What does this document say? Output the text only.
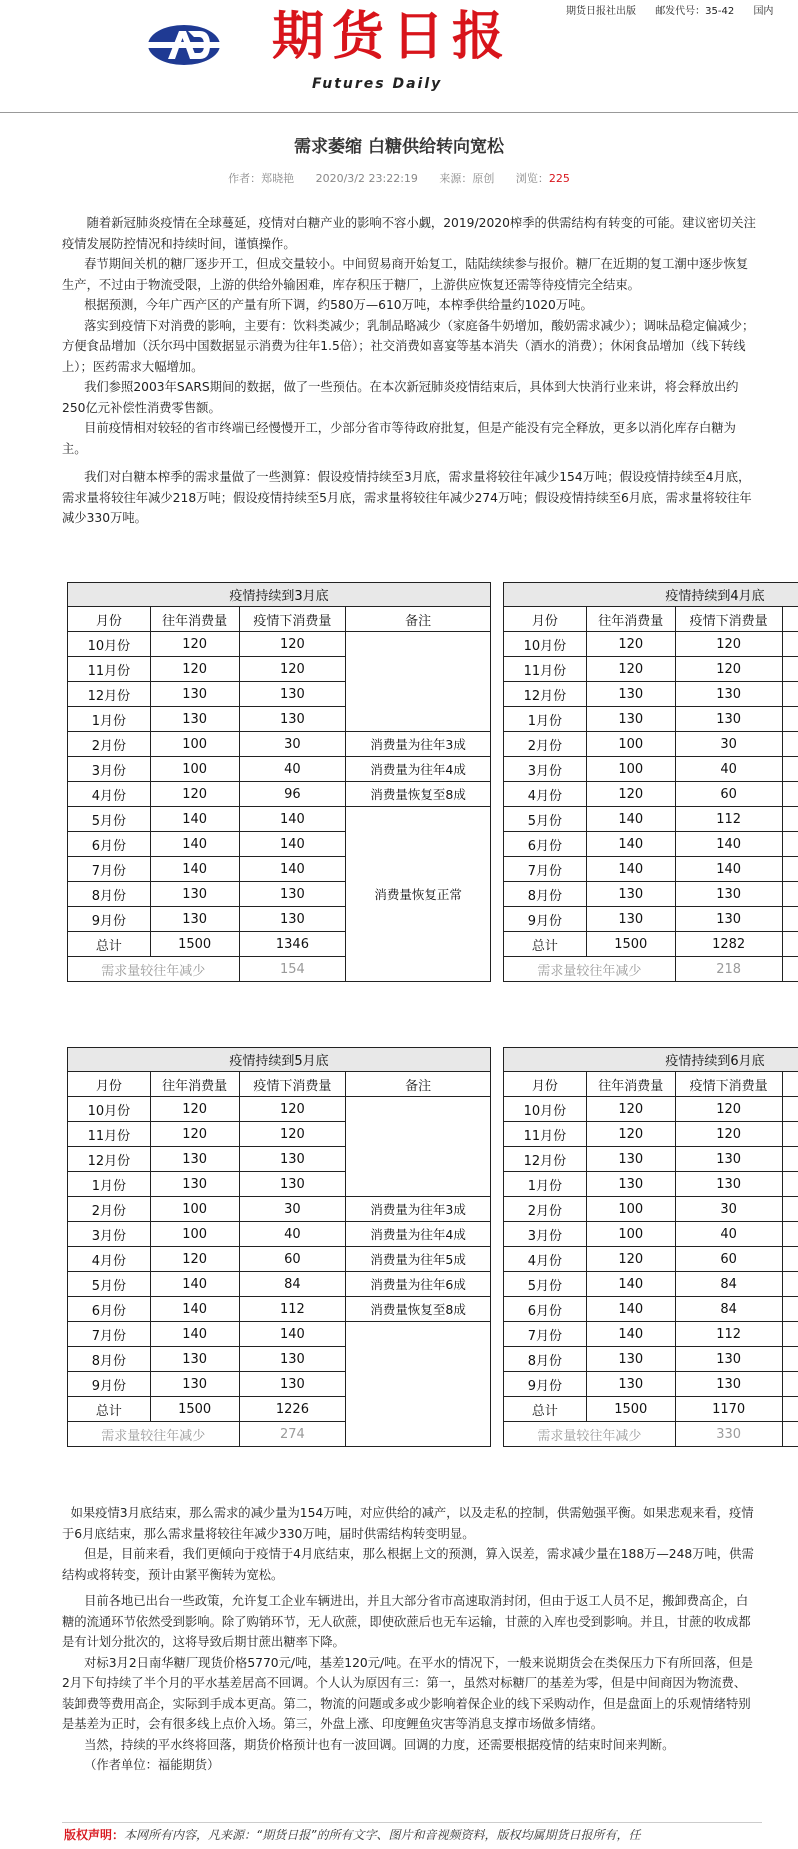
期货日报
Futures Daily
期货日报社出版 邮发代号：35-42 国内
需求萎缩 白糖供给转向宽松
作者：郑晓艳 2020/3/2 23:22:19 来源：原创 浏览：225

随着新冠肺炎疫情在全球蔓延，疫情对白糖产业的影响不容小觑，2019/2020榨季的供需结构有转变的可能。建议密切关注疫情发展防控情况和持续时间，谨慎操作。

春节期间关机的糖厂逐步开工，但成交量较小。中间贸易商开始复工，陆陆续续参与报价。糖厂在近期的复工潮中逐步恢复生产，不过由于物流受限，上游的供给外输困难，库存积压于糖厂，上游供应恢复还需等待疫情完全结束。

根据预测，今年广西产区的产量有所下调，约580万—610万吨，本榨季供给量约1020万吨。

落实到疫情下对消费的影响，主要有：饮料类减少；乳制品略减少（家庭备牛奶增加，酸奶需求减少）；调味品稳定偏减少；方便食品增加（沃尔玛中国数据显示消费为往年1.5倍）；社交消费如喜宴等基本消失（酒水的消费）；休闲食品增加（线下转线上）；医药需求大幅增加。

我们参照2003年SARS期间的数据，做了一些预估。在本次新冠肺炎疫情结束后，具体到大快消行业来讲，将会释放出约250亿元补偿性消费零售额。

目前疫情相对较轻的省市终端已经慢慢开工，少部分省市等待政府批复，但是产能没有完全释放，更多以消化库存白糖为主。

我们对白糖本榨季的需求量做了一些测算：假设疫情持续至3月底，需求量将较往年减少154万吨；假设疫情持续至4月底，需求量将较往年减少218万吨；假设疫情持续至5月底，需求量将较往年减少274万吨；假设疫情持续至6月底，需求量将较往年减少330万吨。

疫情持续到3月底			
月份	往年消费量	疫情下消费量	备注
10月份	120	120	
11月份	120	120	
12月份	130	130	
1月份	130	130	
2月份	100	30	消费量为往年3成
3月份	100	40	消费量为往年4成
4月份	120	96	消费量恢复至8成
5月份	140	140	消费量恢复正常
6月份	140	140	
7月份	140	140	
8月份	130	130	
9月份	130	130	
总计	1500	1346	
需求量较往年减少		154	
疫情持续到4月底			
月份	往年消费量	疫情下消费量	
10月份	120	120	
11月份	120	120	
12月份	130	130	
1月份	130	130	
2月份	100	30	
3月份	100	40	
4月份	120	60	
5月份	140	112	
6月份	140	140	
7月份	140	140	
8月份	130	130	
9月份	130	130	
总计	1500	1282	
需求量较往年减少		218	
疫情持续到5月底			
月份	往年消费量	疫情下消费量	备注
10月份	120	120	
11月份	120	120	
12月份	130	130	
1月份	130	130	
2月份	100	30	消费量为往年3成
3月份	100	40	消费量为往年4成
4月份	120	60	消费量为往年5成
5月份	140	84	消费量为往年6成
6月份	140	112	消费量恢复至8成
7月份	140	140	
8月份	130	130	
9月份	130	130	
总计	1500	1226	
需求量较往年减少		274	
疫情持续到6月底			
月份	往年消费量	疫情下消费量	
10月份	120	120	
11月份	120	120	
12月份	130	130	
1月份	130	130	
2月份	100	30	
3月份	100	40	
4月份	120	60	
5月份	140	84	
6月份	140	84	
7月份	140	112	
8月份	130	130	
9月份	130	130	
总计	1500	1170	
需求量较往年减少		330	

如果疫情3月底结束，那么需求的减少量为154万吨，对应供给的减产，以及走私的控制，供需勉强平衡。如果悲观来看，疫情于6月底结束，那么需求量将较往年减少330万吨，届时供需结构转变明显。

但是，目前来看，我们更倾向于疫情于4月底结束，那么根据上文的预测，算入误差，需求减少量在188万—248万吨，供需结构或将转变，预计由紧平衡转为宽松。

目前各地已出台一些政策，允许复工企业车辆进出，并且大部分省市高速取消封闭，但由于返工人员不足，搬卸费高企，白糖的流通环节依然受到影响。除了购销环节，无人砍蔗，即使砍蔗后也无车运输，甘蔗的入库也受到影响。并且，甘蔗的收成都是有计划分批次的，这将导致后期甘蔗出糖率下降。

对标3月2日南华糖厂现货价格5770元/吨，基差120元/吨。在平水的情况下，一般来说期货会在类保压力下有所回落，但是2月下旬持续了半个月的平水基差居高不回调。个人认为原因有三：第一，虽然对标糖厂的基差为零，但是中间商因为物流费、装卸费等费用高企，实际到手成本更高。第二，物流的问题或多或少影响着保企业的线下采购动作，但是盘面上的乐观情绪特别是基差为正时，会有很多线上点价入场。第三，外盘上涨、印度鲤鱼灾害等消息支撑市场做多情绪。

当然，持续的平水终将回落，期货价格预计也有一波回调。回调的力度，还需要根据疫情的结束时间来判断。

（作者单位：福能期货）

版权声明：本网所有内容，凡来源：“期货日报”的所有文字、图片和音视频资料，版权均属期货日报所有，任
